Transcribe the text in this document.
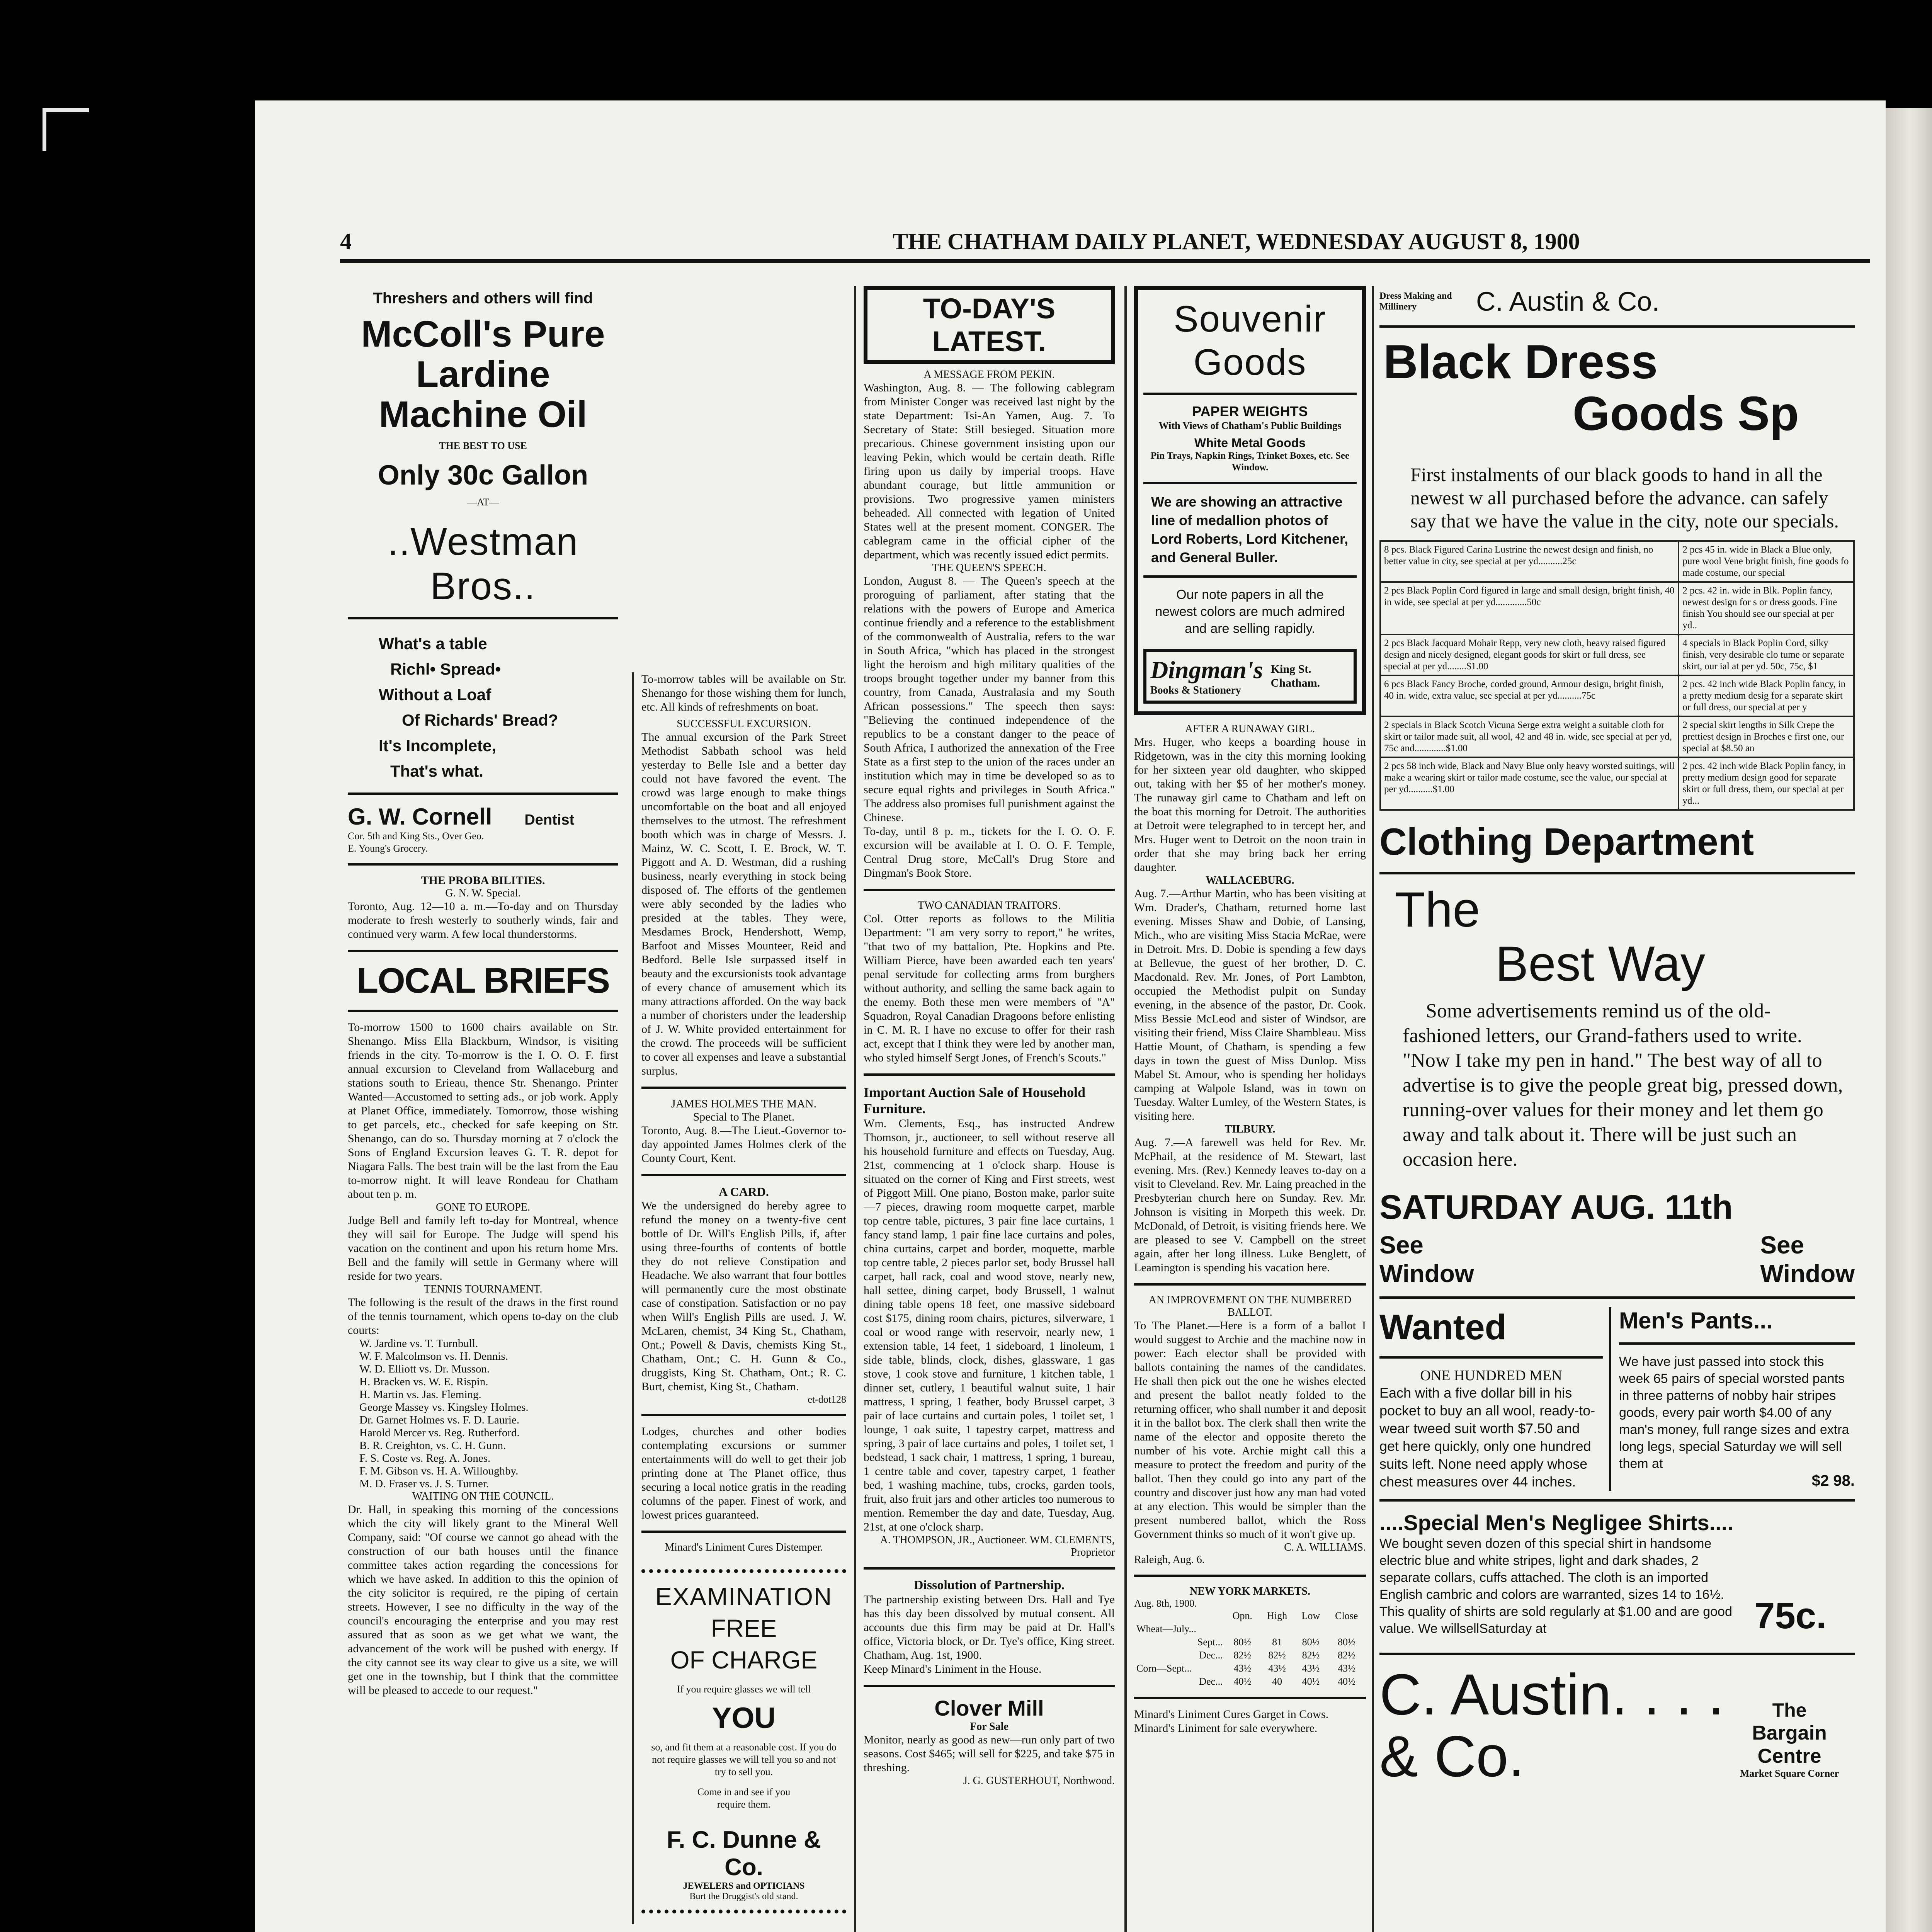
4	THE CHATHAM DAILY PLANET, WEDNESDAY AUGUST 8, 1900
Threshers and others will find
McColl's Pure Lardine Machine Oil
THE BEST TO USE
Only 30c Gallon
—AT—
..Westman Bros..
What's a table
Richl• Spread•
Without a Loaf
Of Richards' Bread?
It's Incomplete,
That's what.
G. W. Cornell Dentist
Cor. 5th and King Sts., Over Geo. E. Young's Grocery.
THE PROBA BILITIES.
G. N. W. Special.
Toronto, Aug. 12—10 a. m.—To-day and on Thursday moderate to fresh westerly to southerly winds, fair and continued very warm. A few local thunderstorms.
LOCAL BRIEFS
To-morrow 1500 to 1600 chairs available on Str. Shenango. Miss Ella Blackburn, Windsor, is visiting friends in the city. To-morrow is the I. O. O. F. first annual excursion to Cleveland from Wallaceburg and stations south to Erieau, thence Str. Shenango. Printer Wanted—Accustomed to setting ads., or job work. Apply at Planet Office, immediately. Tomorrow, those wishing to get parcels, etc., checked for safe keeping on Str. Shenango, can do so. Thursday morning at 7 o'clock the Sons of England Excursion leaves G. T. R. depot for Niagara Falls. The best train will be the last from the Eau to-morrow night. It will leave Rondeau for Chatham about ten p. m.
GONE TO EUROPE.
Judge Bell and family left to-day for Montreal, whence they will sail for Europe. The Judge will spend his vacation on the continent and upon his return home Mrs. Bell and the family will settle in Germany where will reside for two years.
TENNIS TOURNAMENT.
The following is the result of the draws in the first round of the tennis tournament, which opens to-day on the club courts:
W. Jardine vs. T. Turnbull.
W. F. Malcolmson vs. H. Dennis.
W. D. Elliott vs. Dr. Musson.
H. Bracken vs. W. E. Rispin.
H. Martin vs. Jas. Fleming.
George Massey vs. Kingsley Holmes.
Dr. Garnet Holmes vs. F. D. Laurie.
Harold Mercer vs. Reg. Rutherford.
B. R. Creighton, vs. C. H. Gunn.
F. S. Coste vs. Reg. A. Jones.
F. M. Gibson vs. H. A. Willoughby.
M. D. Fraser vs. J. S. Turner.
WAITING ON THE COUNCIL.
Dr. Hall, in speaking this morning of the concessions which the city will likely grant to the Mineral Well Company, said: "Of course we cannot go ahead with the construction of our bath houses until the finance committee takes action regarding the concessions for which we have asked. In addition to this the opinion of the city solicitor is required, re the piping of certain streets. However, I see no difficulty in the way of the council's encouraging the enterprise and you may rest assured that as soon as we get what we want, the advancement of the work will be pushed with energy. If the city cannot see its way clear to give us a site, we will get one in the township, but I think that the committee will be pleased to accede to our request."
To-morrow tables will be available on Str. Shenango for those wishing them for lunch, etc. All kinds of refreshments on boat.
SUCCESSFUL EXCURSION.
The annual excursion of the Park Street Methodist Sabbath school was held yesterday to Belle Isle and a better day could not have favored the event. The crowd was large enough to make things uncomfortable on the boat and all enjoyed themselves to the utmost. The refreshment booth which was in charge of Messrs. J. Mainz, W. C. Scott, I. E. Brock, W. T. Piggott and A. D. Westman, did a rushing business, nearly everything in stock being disposed of. The efforts of the gentlemen were ably seconded by the ladies who presided at the tables. They were, Mesdames Brock, Hendershott, Wemp, Barfoot and Misses Mounteer, Reid and Bedford. Belle Isle surpassed itself in beauty and the excursionists took advantage of every chance of amusement which its many attractions afforded. On the way back a number of choristers under the leadership of J. W. White provided entertainment for the crowd. The proceeds will be sufficient to cover all expenses and leave a substantial surplus.
JAMES HOLMES THE MAN.
Special to The Planet.
Toronto, Aug. 8.—The Lieut.-Governor to-day appointed James Holmes clerk of the County Court, Kent.
A CARD.
We the undersigned do hereby agree to refund the money on a twenty-five cent bottle of Dr. Will's English Pills, if, after using three-fourths of contents of bottle they do not relieve Constipation and Headache. We also warrant that four bottles will permanently cure the most obstinate case of constipation. Satisfaction or no pay when Will's English Pills are used. J. W. McLaren, chemist, 34 King St., Chatham, Ont.; Powell & Davis, chemists King St., Chatham, Ont.; C. H. Gunn & Co., druggists, King St. Chatham, Ont.; R. C. Burt, chemist, King St., Chatham.
et-dot128
Lodges, churches and other bodies contemplating excursions or summer entertainments will do well to get their job printing done at The Planet office, thus securing a local notice gratis in the reading columns of the paper. Finest of work, and lowest prices guaranteed.
Minard's Liniment Cures Distemper.
EXAMINATION
FREE
OF CHARGE
If you require glasses we will tell
YOU
so, and fit them at a reasonable cost. If you do not require glasses we will tell you so and not try to sell you.
Come in and see if you require them.
F. C. Dunne & Co.
JEWELERS and OPTICIANS
Burt the Druggist's old stand.
TO-DAY'S LATEST.
A MESSAGE FROM PEKIN.
Washington, Aug. 8. — The following cablegram from Minister Conger was received last night by the state Department: Tsi-An Yamen, Aug. 7. To Secretary of State: Still besieged. Situation more precarious. Chinese government insisting upon our leaving Pekin, which would be certain death. Rifle firing upon us daily by imperial troops. Have abundant courage, but little ammunition or provisions. Two progressive yamen ministers beheaded. All connected with legation of United States well at the present moment. CONGER. The cablegram came in the official cipher of the department, which was recently issued edict permits.
THE QUEEN'S SPEECH.
London, August 8. — The Queen's speech at the proroguing of parliament, after stating that the relations with the powers of Europe and America continue friendly and a reference to the establishment of the commonwealth of Australia, refers to the war in South Africa, "which has placed in the strongest light the heroism and high military qualities of the troops brought together under my banner from this country, from Canada, Australasia and my South African possessions." The speech then says: "Believing the continued independence of the republics to be a constant danger to the peace of South Africa, I authorized the annexation of the Free State as a first step to the union of the races under an institution which may in time be developed so as to secure equal rights and privileges in South Africa." The address also promises full punishment against the Chinese.
To-day, until 8 p. m., tickets for the I. O. O. F. excursion will be available at I. O. O. F. Temple, Central Drug store, McCall's Drug Store and Dingman's Book Store.
TWO CANADIAN TRAITORS.
Col. Otter reports as follows to the Militia Department: "I am very sorry to report," he writes, "that two of my battalion, Pte. Hopkins and Pte. William Pierce, have been awarded each ten years' penal servitude for collecting arms from burghers without authority, and selling the same back again to the enemy. Both these men were members of "A" Squadron, Royal Canadian Dragoons before enlisting in C. M. R. I have no excuse to offer for their rash act, except that I think they were led by another man, who styled himself Sergt Jones, of French's Scouts."
Important Auction Sale of Household Furniture.
Wm. Clements, Esq., has instructed Andrew Thomson, jr., auctioneer, to sell without reserve all his household furniture and effects on Tuesday, Aug. 21st, commencing at 1 o'clock sharp. House is situated on the corner of King and First streets, west of Piggott Mill. One piano, Boston make, parlor suite—7 pieces, drawing room moquette carpet, marble top centre table, pictures, 3 pair fine lace curtains, 1 fancy stand lamp, 1 pair fine lace curtains and poles, china curtains, carpet and border, moquette, marble top centre table, 2 pieces parlor set, body Brussel hall carpet, hall rack, coal and wood stove, nearly new, hall settee, dining carpet, body Brussell, 1 walnut dining table opens 18 feet, one massive sideboard cost $175, dining room chairs, pictures, silverware, 1 coal or wood range with reservoir, nearly new, 1 extension table, 14 feet, 1 sideboard, 1 linoleum, 1 side table, blinds, clock, dishes, glassware, 1 gas stove, 1 cook stove and furniture, 1 kitchen table, 1 dinner set, cutlery, 1 beautiful walnut suite, 1 hair mattress, 1 spring, 1 feather, body Brussel carpet, 3 pair of lace curtains and curtain poles, 1 toilet set, 1 lounge, 1 oak suite, 1 tapestry carpet, mattress and spring, 3 pair of lace curtains and poles, 1 toilet set, 1 bedstead, 1 sack chair, 1 mattress, 1 spring, 1 bureau, 1 centre table and cover, tapestry carpet, 1 feather bed, 1 washing machine, tubs, crocks, garden tools, fruit, also fruit jars and other articles too numerous to mention. Remember the day and date, Tuesday, Aug. 21st, at one o'clock sharp.
A. THOMPSON, JR., Auctioneer. WM. CLEMENTS, Proprietor
Dissolution of Partnership.
The partnership existing between Drs. Hall and Tye has this day been dissolved by mutual consent. All accounts due this firm may be paid at Dr. Hall's office, Victoria block, or Dr. Tye's office, King street. Chatham, Aug. 1st, 1900.
Keep Minard's Liniment in the House.
Clover Mill
For Sale
Monitor, nearly as good as new—run only part of two seasons. Cost $465; will sell for $225, and take $75 in threshing.
J. G. GUSTERHOUT, Northwood.
Souvenir Goods
PAPER WEIGHTS
With Views of Chatham's Public Buildings
White Metal Goods
Pin Trays, Napkin Rings, Trinket Boxes, etc. See Window.
We are showing an attractive line of medallion photos of Lord Roberts, Lord Kitchener, and General Buller.
Our note papers in all the newest colors are much admired and are selling rapidly.
Dingman's
Books & Stationery
King St. Chatham.
AFTER A RUNAWAY GIRL.
Mrs. Huger, who keeps a boarding house in Ridgetown, was in the city this morning looking for her sixteen year old daughter, who skipped out, taking with her $5 of her mother's money. The runaway girl came to Chatham and left on the boat this morning for Detroit. The authorities at Detroit were telegraphed to in tercept her, and Mrs. Huger went to Detroit on the noon train in order that she may bring back her erring daughter.
WALLACEBURG.
Aug. 7.—Arthur Martin, who has been visiting at Wm. Drader's, Chatham, returned home last evening. Misses Shaw and Dobie, of Lansing, Mich., who are visiting Miss Stacia McRae, were in Detroit. Mrs. D. Dobie is spending a few days at Bellevue, the guest of her brother, D. C. Macdonald. Rev. Mr. Jones, of Port Lambton, occupied the Methodist pulpit on Sunday evening, in the absence of the pastor, Dr. Cook. Miss Bessie McLeod and sister of Windsor, are visiting their friend, Miss Claire Shambleau. Miss Hattie Mount, of Chatham, is spending a few days in town the guest of Miss Dunlop. Miss Mabel St. Amour, who is spending her holidays camping at Walpole Island, was in town on Tuesday. Walter Lumley, of the Western States, is visiting here.
TILBURY.
Aug. 7.—A farewell was held for Rev. Mr. McPhail, at the residence of M. Stewart, last evening. Mrs. (Rev.) Kennedy leaves to-day on a visit to Cleveland. Rev. Mr. Laing preached in the Presbyterian church here on Sunday. Rev. Mr. Johnson is visiting in Morpeth this week. Dr. McDonald, of Detroit, is visiting friends here. We are pleased to see V. Campbell on the street again, after her long illness. Luke Benglett, of Leamington is spending his vacation here.
AN IMPROVEMENT ON THE NUMBERED BALLOT.
To The Planet.—Here is a form of a ballot I would suggest to Archie and the machine now in power: Each elector shall be provided with ballots containing the names of the candidates. He shall then pick out the one he wishes elected and present the ballot neatly folded to the returning officer, who shall number it and deposit it in the ballot box. The clerk shall then write the name of the elector and opposite thereto the number of his vote. Archie might call this a measure to protect the freedom and purity of the ballot. Then they could go into any part of the country and discover just how any man had voted at any election. This would be simpler than the present numbered ballot, which the Ross Government thinks so much of it won't give up.
C. A. WILLIAMS.
Raleigh, Aug. 6.
NEW YORK MARKETS.
Aug. 8th, 1900.
	Opn.	High	Low	Close
Wheat—July...				
Sept...	80½	81	80½	80½
Dec...	82½	82½	82½	82½
Corn—Sept...	43½	43½	43½	43½
Dec...	40½	40	40½	40½
Minard's Liniment Cures Garget in Cows.
Minard's Liniment for sale everywhere.
Dress Making and Millinery	C. Austin & Co.
Black Dress
Goods Sp
First instalments of our black goods to hand in all the newest w all purchased before the advance. can safely say that we have the value in the city, note our specials.
8 pcs. Black Figured Carina Lustrine the newest design and finish, no better value in city, see special at per yd..........25c	2 pcs 45 in. wide in Black a Blue only, pure wool Vene bright finish, fine goods fo made costume, our special
2 pcs Black Poplin Cord figured in large and small design, bright finish, 40 in wide, see special at per yd.............50c	2 pcs. 42 in. wide in Blk. Poplin fancy, newest design for s or dress goods. Fine finish You should see our special at per yd..
2 pcs Black Jacquard Mohair Repp, very new cloth, heavy raised figured design and nicely designed, elegant goods for skirt or full dress, see special at per yd........$1.00	4 specials in Black Poplin Cord, silky finish, very desirable clo tume or separate skirt, our ial at per yd. 50c, 75c, $1
6 pcs Black Fancy Broche, corded ground, Armour design, bright finish, 40 in. wide, extra value, see special at per yd..........75c	2 pcs. 42 inch wide Black Poplin fancy, in a pretty medium desig for a separate skirt or full dress, our special at per y
2 specials in Black Scotch Vicuna Serge extra weight a suitable cloth for skirt or tailor made suit, all wool, 42 and 48 in. wide, see special at per yd, 75c and.............$1.00	2 special skirt lengths in Silk Crepe the prettiest design in Broches e first one, our special at $8.50 an
2 pcs 58 inch wide, Black and Navy Blue only heavy worsted suitings, will make a wearing skirt or tailor made costume, see the value, our special at per yd..........$1.00	2 pcs. 42 inch wide Black Poplin fancy, in pretty medium design good for separate skirt or full dress, them, our special at per yd...
Clothing Department
The
Best Way
Some advertisements remind us of the old-fashioned letters, our Grand-fathers used to write. "Now I take my pen in hand." The best way of all to advertise is to give the people great big, pressed down, running-over values for their money and let them go away and talk about it. There will be just such an occasion here.
SATURDAY AUG. 11th
See
Window
See
Window
Wanted
ONE HUNDRED MEN
Each with a five dollar bill in his pocket to buy an all wool, ready-to-wear tweed suit worth $7.50 and get here quickly, only one hundred suits left. None need apply whose chest measures over 44 inches.
Men's Pants...
We have just passed into stock this week 65 pairs of special worsted pants in three patterns of nobby hair stripes goods, every pair worth $4.00 of any man's money, full range sizes and extra long legs, special Saturday we will sell them at
$2 98.
....Special Men's Negligee Shirts....
We bought seven dozen of this special shirt in handsome electric blue and white stripes, light and dark shades, 2 separate collars, cuffs attached. The cloth is an imported English cambric and colors are warranted, sizes 14 to 16½. This quality of shirts are sold regularly at $1.00 and are good value. We willsellSaturday at	75c.
C. Austin. . . .
& Co.
The
Bargain Centre
Market Square Corner
